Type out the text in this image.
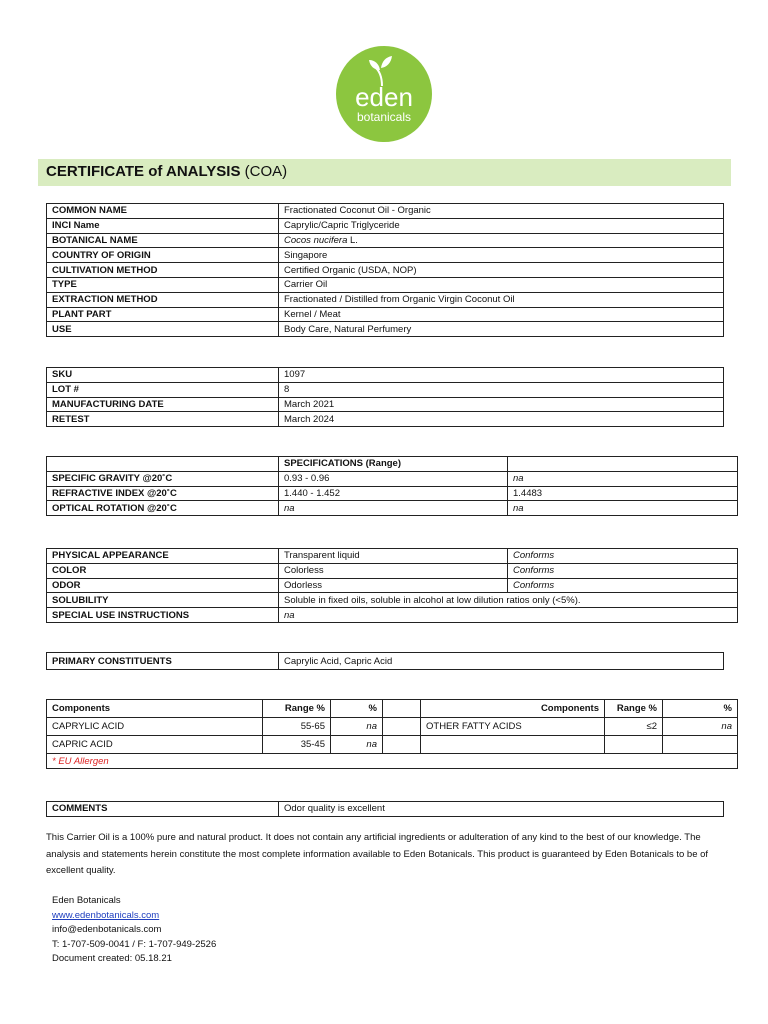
eden
botanicals
CERTIFICATE of ANALYSIS (COA)
COMMON NAME	Fractionated Coconut Oil - Organic
INCI Name	Caprylic/Capric Triglyceride
BOTANICAL NAME	Cocos nucifera L.
COUNTRY OF ORIGIN	Singapore
CULTIVATION METHOD	Certified Organic (USDA, NOP)
TYPE	Carrier Oil
EXTRACTION METHOD	Fractionated / Distilled from Organic Virgin Coconut Oil
PLANT PART	Kernel / Meat
USE	Body Care, Natural Perfumery
SKU	1097
LOT #	8
MANUFACTURING DATE	March 2021
RETEST	March 2024
	SPECIFICATIONS (Range)	
SPECIFIC GRAVITY @20˚C	0.93 - 0.96	na
REFRACTIVE INDEX @20˚C	1.440 - 1.452	1.4483
OPTICAL ROTATION @20˚C	na	na
PHYSICAL APPEARANCE	Transparent liquid	Conforms
COLOR	Colorless	Conforms
ODOR	Odorless	Conforms
SOLUBILITY	Soluble in fixed oils, soluble in alcohol at low dilution ratios only (<5%).	
SPECIAL USE INSTRUCTIONS	na	
PRIMARY CONSTITUENTS	Caprylic Acid, Capric Acid
Components	Range %	%		Components	Range %	%
CAPRYLIC ACID	55-65	na		OTHER FATTY ACIDS	≤2	na
CAPRIC ACID	35-45	na				
* EU Allergen						
COMMENTS	Odor quality is excellent
This Carrier Oil is a 100% pure and natural product. It does not contain any artificial ingredients or adulteration of any kind to the best of our knowledge. The analysis and statements herein constitute the most complete information available to Eden Botanicals. This product is guaranteed by Eden Botanicals to be of excellent quality.
Eden Botanicals
www.edenbotanicals.com
info@edenbotanicals.com
T: 1-707-509-0041 / F: 1-707-949-2526
Document created: 05.18.21
